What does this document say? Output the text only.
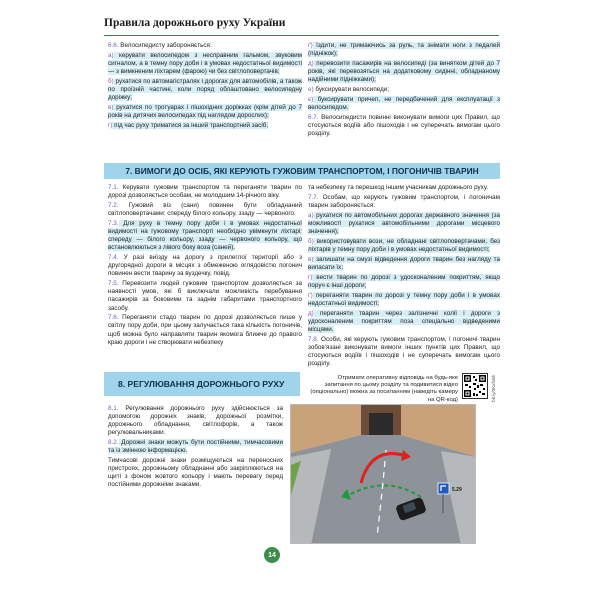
Правила дорожнього руху України

6.6. Велосипедисту забороняється:

а) керувати велосипедом з несправним гальмом, звуковим сигналом, а в темну пору доби і в умовах недостатньої видимості — з вимкненим ліхтарем (фарою) чи без світлоповертачів;

б) рухатися по автомагістралях і дорогах для автомобілів, а також по проїзній частині, коли поряд облаштовано велосипедну доріжку;

в) рухатися по тротуарах і пішохідних доріжках (крім дітей до 7 років на дитячих велосипедах під наглядом дорослих);

г) під час руху триматися за інший транспортний засіб;

ґ) їздити, не тримаючись за руль, та знімати ноги з педалей (підніжок);

д) перевозити пасажирів на велосипеді (за винятком дітей до 7 років, які перевозяться на додатковому сидінні, обладнаному надійними підніжками);

е) буксирувати велосипеди;

є) буксирувати причеп, не передбачений для експлуатації з велосипедом.

6.7. Велосипедисти повинні виконувати вимоги цих Правил, що стосуються водіїв або пішоходів і не суперечать вимогам цього розділу.

7. ВИМОГИ ДО ОСІБ, ЯКІ КЕРУЮТЬ ГУЖОВИМ ТРАНСПОРТОМ, І ПОГОНИЧІВ ТВАРИН

7.1. Керувати гужовим транспортом та переганяти тварин по дорозі дозволяється особам, не молодшим 14-річного віку.

7.2. Гужовий віз (сани) повинен бути обладнаний світлоповертачами: спереду білого кольору, ззаду — червоного.

7.3. Для руху в темну пору доби і в умовах недостатньої видимості на гужовому транспорті необхідно увімкнути ліхтарі: спереду — білого кольору, ззаду — червоного кольору, що встановлюються з лівого боку воза (саней).

7.4. У разі виїзду на дорогу з прилеглої території або з другорядної дороги в місцях з обмеженою оглядовістю погонич повинен вести тварину за вуздечку, повід.

7.5. Перевозити людей гужовим транспортом дозволяється за наявності умов, які б виключали можливість перебування пасажирів за боковими та заднім габаритами транспортного засобу.

7.6. Переганяти стадо тварин по дорозі дозволяється лише у світлу пору доби, при цьому залучається така кількість погоничів, щоб можна було направляти тварин якомога ближче до правого краю дороги і не створювати небезпеку

та небезпеку та перешкод іншим учасникам дорожнього руху.

7.7. Особам, що керують гужовим транспортом, і погоничам тварин забороняється:

а) рухатися по автомобільних дорогах державного значення (за можливості рухатися автомобільними дорогами місцевого значення);

б) використовувати вози, не обладнані світлоповертачами, без ліхтарів у темну пору доби і в умовах недостатньої видимості;

в) залишати на смузі відведення дороги тварин без нагляду та випасати їх;

г) вести тварин по дорозі з удосконаленим покриттям, якщо поруч є інші дороги;

ґ) переганяти тварин по дорозі у темну пору доби і в умовах недостатньої видимості;

д) переганяти тварин через залізничні колії і дороги з удосконаленим покриттям поза спеціально відведеними місцями.

7.8. Особи, які керують гужовим транспортом, і погоничі тварин зобов'язані виконувати вимоги інших пунктів цих Правил, що стосуються водіїв і пішоходів і не суперечать вимогам цього розділу.

8. РЕГУЛЮВАННЯ ДОРОЖНЬОГО РУХУ
Отримати оперативну відповідь на будь-яке запитання по цьому розділу та подивитися відео (опціонально) можна за посиланням (наведіть камеру на QR-код)	bit.ly/3Kxfs0b

8.1. Регулювання дорожнього руху здійснюється за допомогою дорожніх знаків, дорожньої розмітки, дорожнього обладнання, світлофорів, а також регулювальниками.

8.2. Дорожні знаки можуть бути постійними, тимчасовими та із змінною інформацією.

Тимчасові дорожні знаки розміщуються на переносних пристроях, дорожньому обладнанні або закріплюються на щиті з фоном жовтого кольору і мають перевагу перед постійними дорожніми знаками.

5.29
14
